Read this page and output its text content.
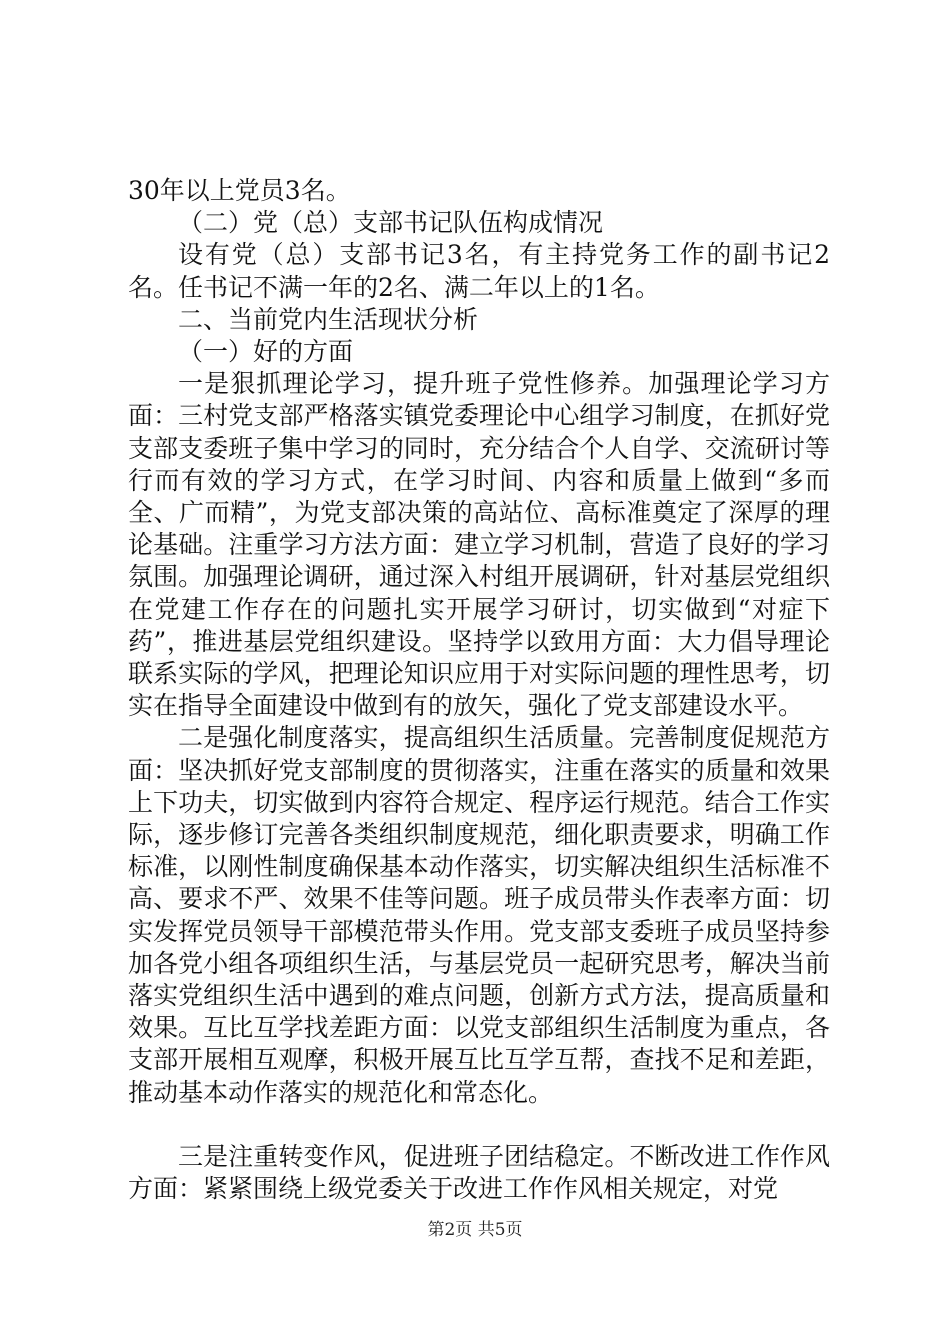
30年以上党员3名。

（二）党（总）支部书记队伍构成情况

设有党（总）支部书记3名，有主持党务工作的副书记2名。任书记不满一年的2名、满二年以上的1名。

二、当前党内生活现状分析

（一）好的方面

一是狠抓理论学习，提升班子党性修养。加强理论学习方面：三村党支部严格落实镇党委理论中心组学习制度，在抓好党支部支委班子集中学习的同时，充分结合个人自学、交流研讨等行而有效的学习方式，在学习时间、内容和质量上做到“多而全、广而精”，为党支部决策的高站位、高标准奠定了深厚的理论基础。注重学习方法方面：建立学习机制，营造了良好的学习氛围。加强理论调研，通过深入村组开展调研，针对基层党组织在党建工作存在的问题扎实开展学习研讨，切实做到“对症下药”，推进基层党组织建设。坚持学以致用方面：大力倡导理论联系实际的学风，把理论知识应用于对实际问题的理性思考，切实在指导全面建设中做到有的放矢，强化了党支部建设水平。

二是强化制度落实，提高组织生活质量。完善制度促规范方面：坚决抓好党支部制度的贯彻落实，注重在落实的质量和效果上下功夫，切实做到内容符合规定、程序运行规范。结合工作实际，逐步修订完善各类组织制度规范，细化职责要求，明确工作标准，以刚性制度确保基本动作落实，切实解决组织生活标准不高、要求不严、效果不佳等问题。班子成员带头作表率方面：切实发挥党员领导干部模范带头作用。党支部支委班子成员坚持参加各党小组各项组织生活，与基层党员一起研究思考，解决当前落实党组织生活中遇到的难点问题，创新方式方法，提高质量和效果。互比互学找差距方面：以党支部组织生活制度为重点，各支部开展相互观摩，积极开展互比互学互帮，查找不足和差距，推动基本动作落实的规范化和常态化。

三是注重转变作风，促进班子团结稳定。不断改进工作作风方面：紧紧围绕上级党委关于改进工作作风相关规定，对党

第2页 共5页
